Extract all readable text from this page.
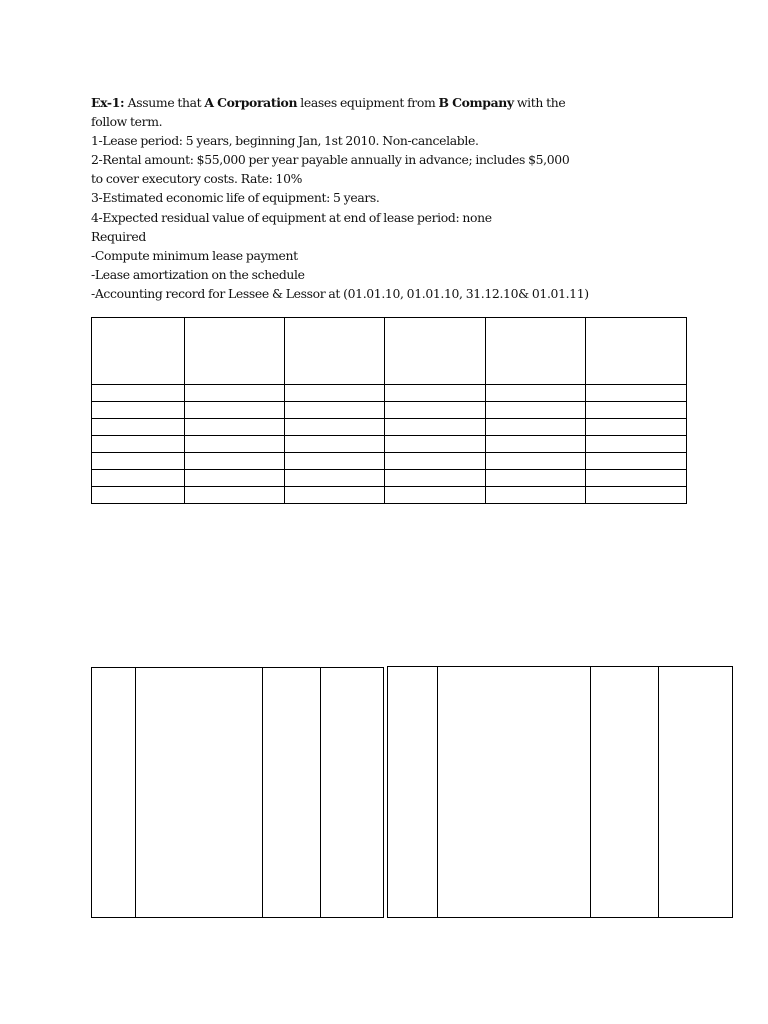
Ex-1: Assume that A Corporation leases equipment from B Company with the

follow term.

1-Lease period: 5 years, beginning Jan, 1st 2010. Non-cancelable.

2-Rental amount: $55,000 per year payable annually in advance; includes $5,000

to cover executory costs. Rate: 10%

3-Estimated economic life of equipment: 5 years.

4-Expected residual value of equipment at end of lease period: none

Required

-Compute minimum lease payment

-Lease amortization on the schedule

-Accounting record for Lessee & Lessor at (01.01.10, 01.01.10, 31.12.10& 01.01.11)
